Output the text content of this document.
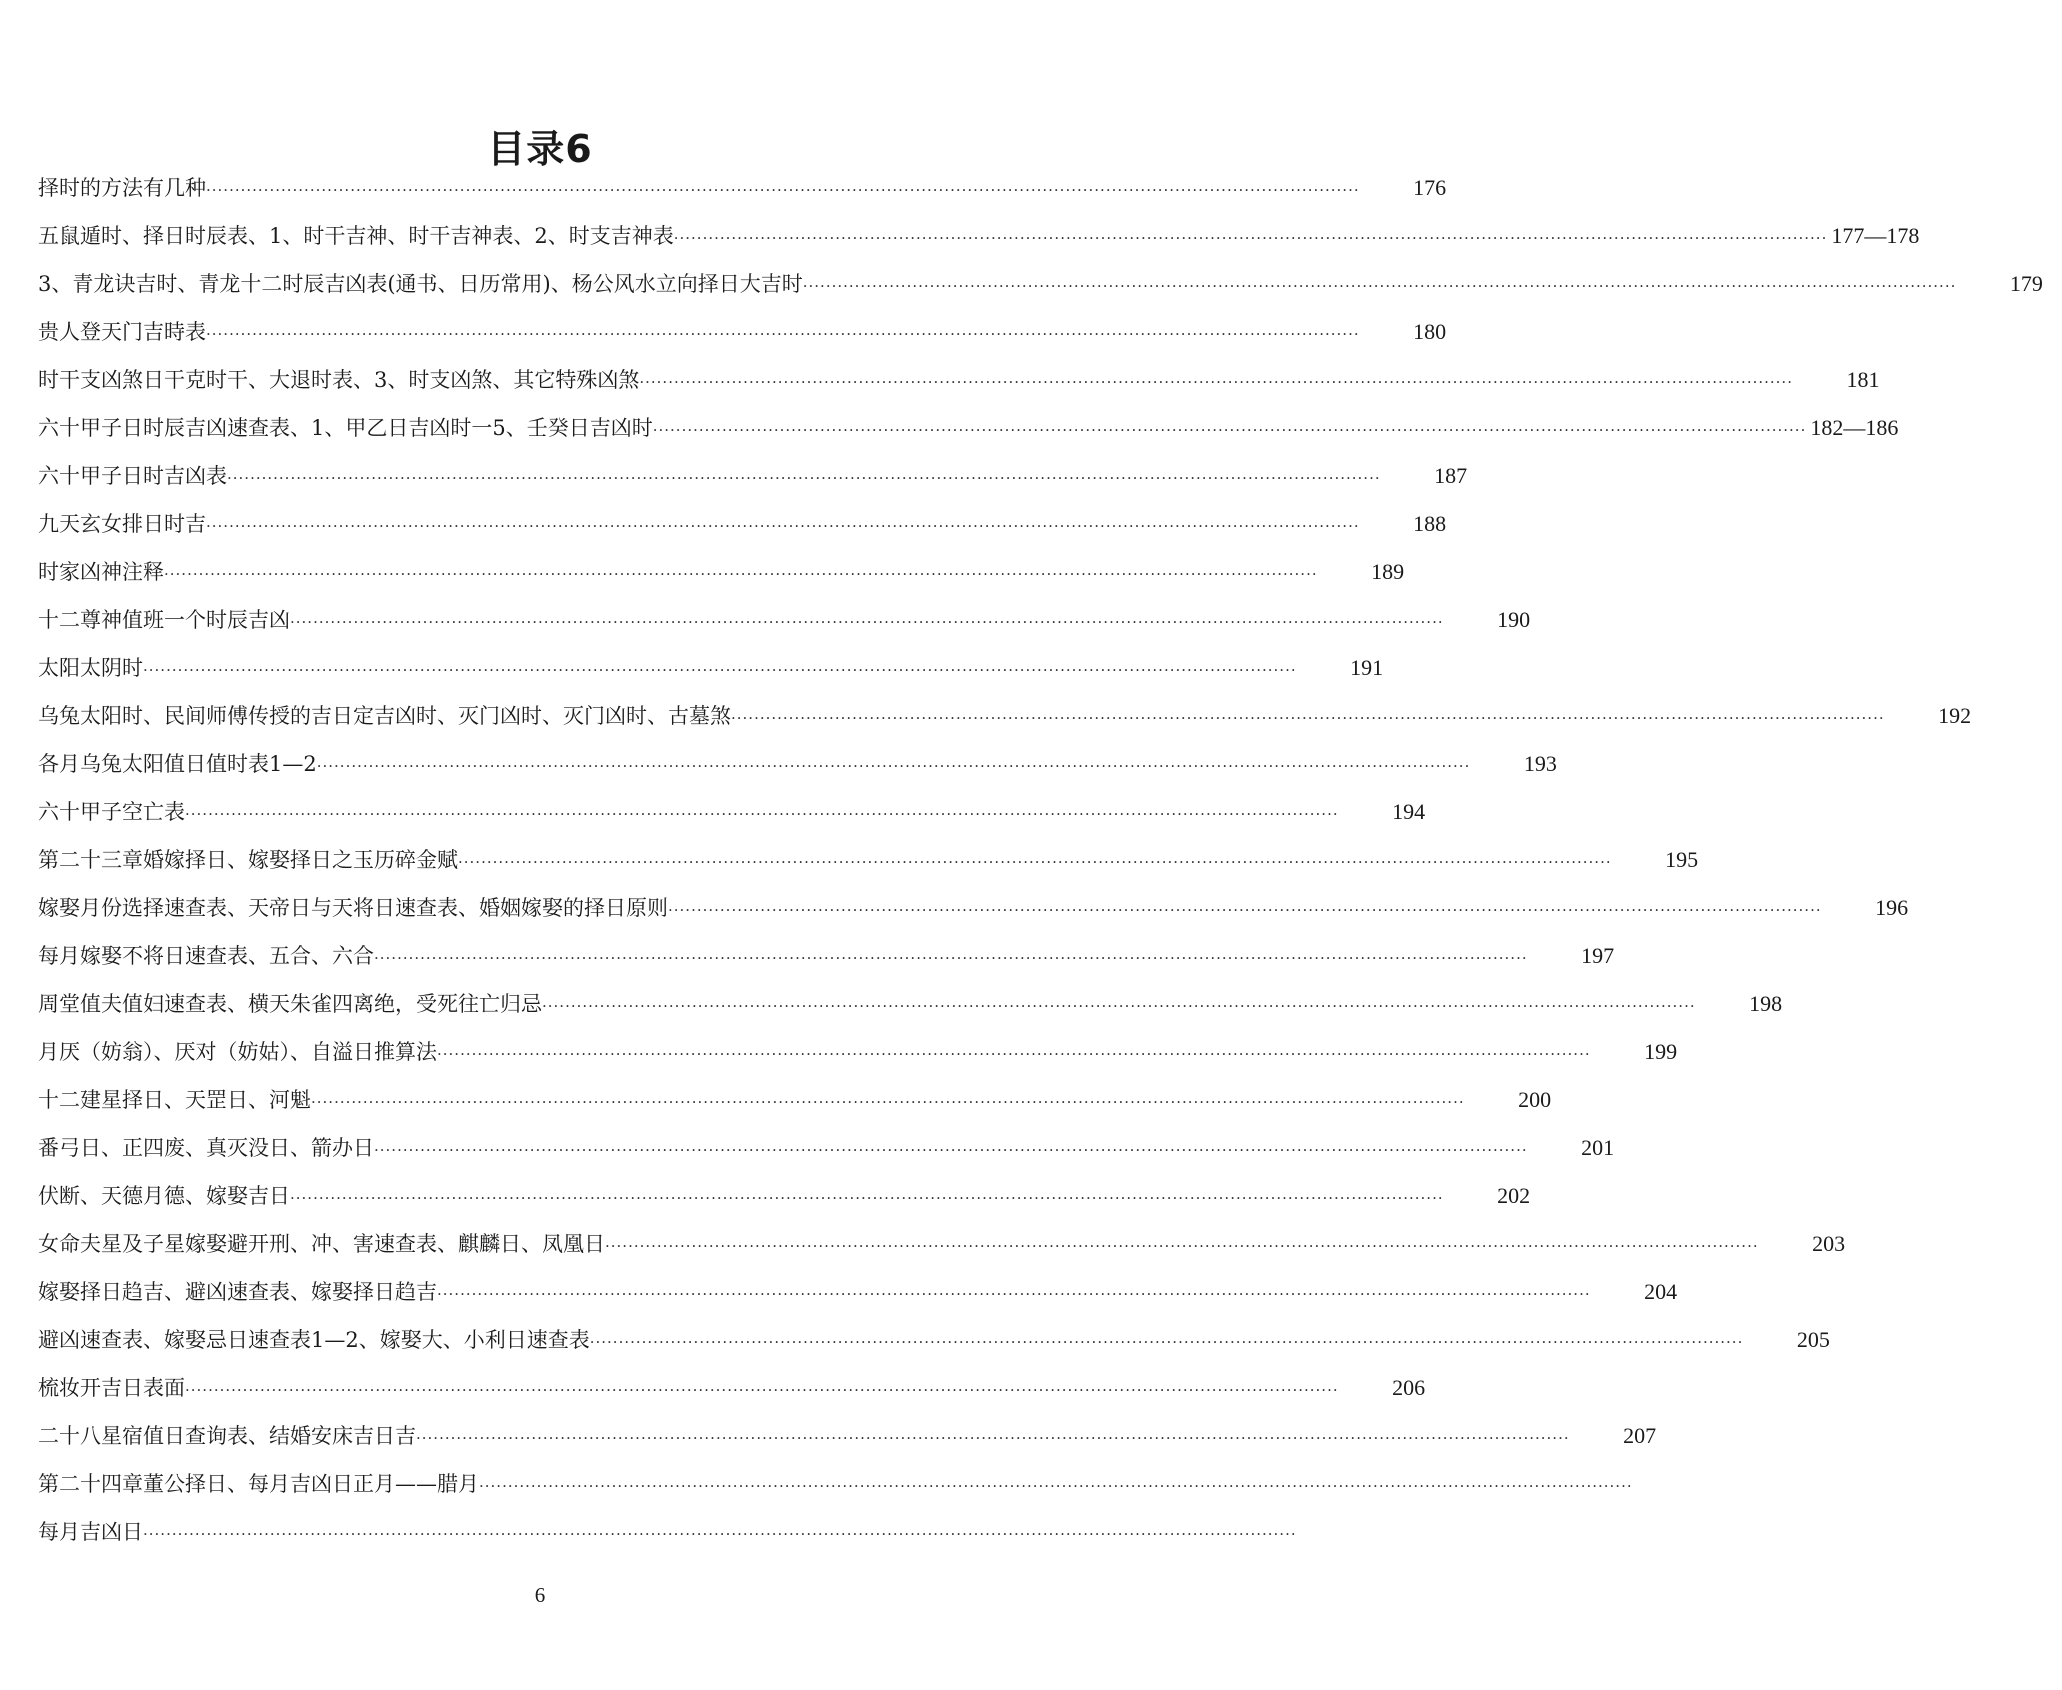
目录6
择时的方法有几种 ········································································································································································································	176
五鼠遁时、择日时辰表、1、时干吉神、时干吉神表、2、时支吉神表 ········································································································································································································ 177—178
3、青龙诀吉时、青龙十二时辰吉凶表(通书、日历常用)、杨公风水立向择日大吉时 ········································································································································································································	179
贵人登天门吉時表 ········································································································································································································	180
时干支凶煞日干克时干、大退时表、3、时支凶煞、其它特殊凶煞 ········································································································································································································	181
六十甲子日时辰吉凶速查表、1、甲乙日吉凶时一5、壬癸日吉凶时 ········································································································································································································ 182—186
六十甲子日时吉凶表 ········································································································································································································	187
九天玄女排日时吉 ········································································································································································································	188
时家凶神注释 ········································································································································································································	189
十二尊神值班一个时辰吉凶 ········································································································································································································	190
太阳太阴时 ········································································································································································································	191
乌兔太阳时、民间师傅传授的吉日定吉凶时、灭门凶时、灭门凶时、古墓煞 ········································································································································································································	192
各月乌兔太阳值日值时表1—2 ········································································································································································································	193
六十甲子空亡表 ········································································································································································································	194
第二十三章婚嫁择日、嫁娶择日之玉历碎金赋 ········································································································································································································	195
嫁娶月份选择速查表、天帝日与天将日速查表、婚姻嫁娶的择日原则 ········································································································································································································	196
每月嫁娶不将日速查表、五合、六合 ········································································································································································································	197
周堂值夫值妇速查表、横天朱雀四离绝，受死往亡归忌 ········································································································································································································	198
月厌（妨翁）、厌对（妨姑）、自溢日推算法 ········································································································································································································	199
十二建星择日、天罡日、河魁 ········································································································································································································	200
番弓日、正四废、真灭没日、箭办日 ········································································································································································································	201
伏断、天德月德、嫁娶吉日 ········································································································································································································	202
女命夫星及子星嫁娶避开刑、冲、害速查表、麒麟日、凤凰日 ········································································································································································································	203
嫁娶择日趋吉、避凶速查表、嫁娶择日趋吉 ········································································································································································································	204
避凶速查表、嫁娶忌日速查表1—2、嫁娶大、小利日速查表 ········································································································································································································	205
梳妆开吉日表面 ········································································································································································································	206
二十八星宿值日查询表、结婚安床吉日吉 ········································································································································································································	207
第二十四章董公择日、每月吉凶日正月——腊月 ········································································································································································································
每月吉凶日 ········································································································································································································
6
